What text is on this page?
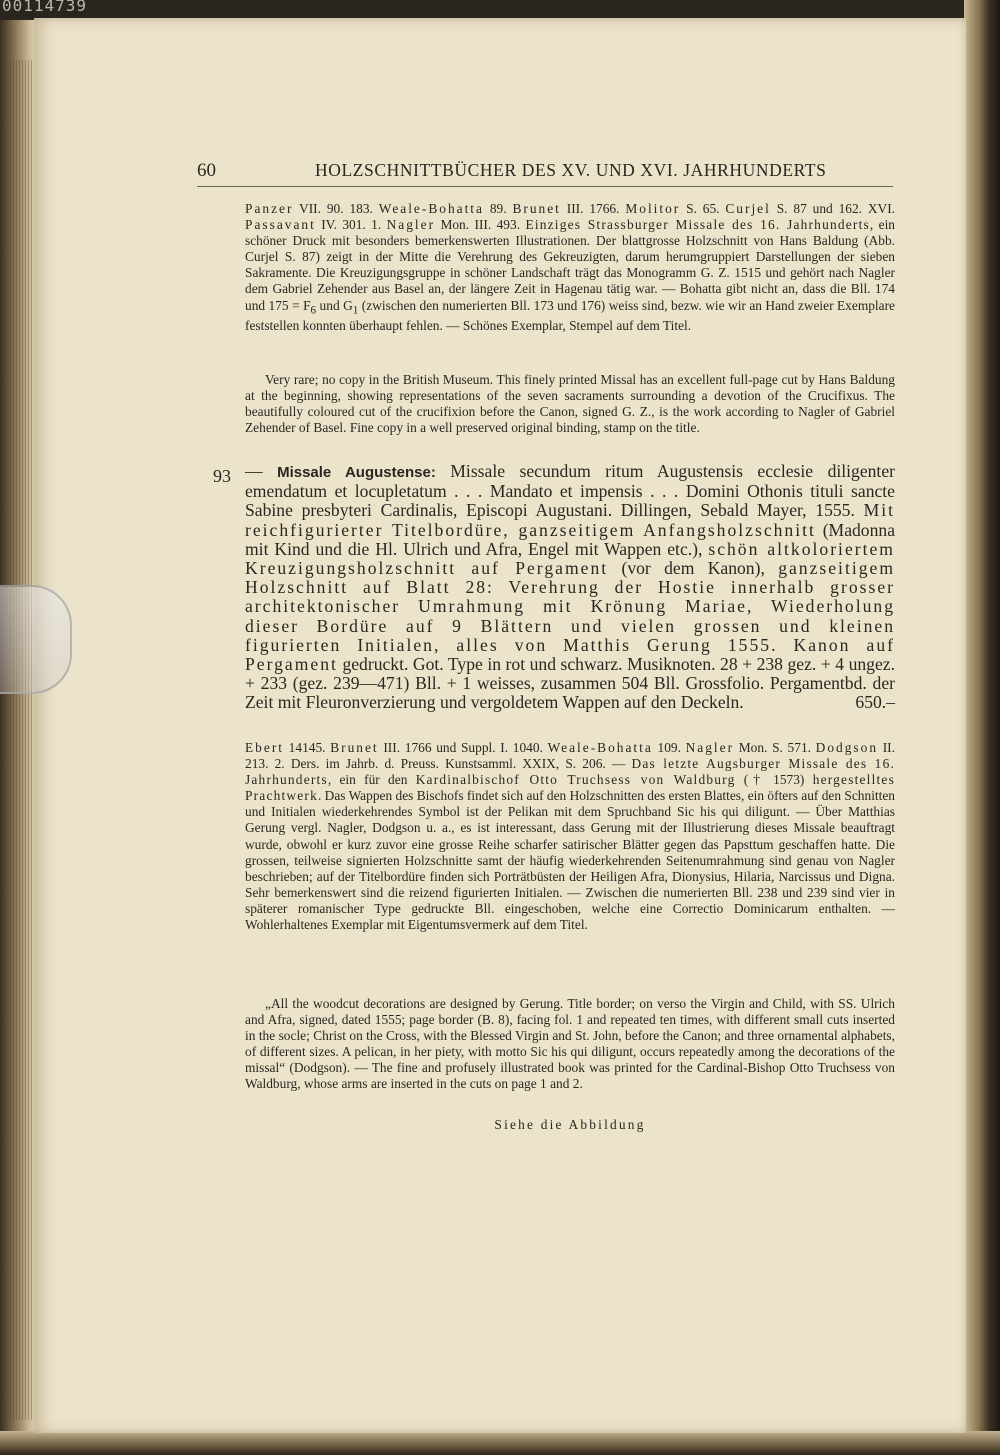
00114739
60	HOLZSCHNITTBÜCHER DES XV. UND XVI. JAHRHUNDERTS

Panzer VII. 90. 183. Weale-Bohatta 89. Brunet III. 1766. Molitor S. 65. Curjel S. 87 und 162. XVI. Passavant IV. 301. 1. Nagler Mon. III. 493. Einziges Strassburger Missale des 16. Jahrhunderts, ein schöner Druck mit besonders bemerkenswerten Illustrationen. Der blattgrosse Holzschnitt von Hans Baldung (Abb. Curjel S. 87) zeigt in der Mitte die Verehrung des Gekreuzigten, darum herumgruppiert Darstellungen der sieben Sakramente. Die Kreuzigungsgruppe in schöner Landschaft trägt das Monogramm G. Z. 1515 und gehört nach Nagler dem Gabriel Zehender aus Basel an, der längere Zeit in Hagenau tätig war. — Bohatta gibt nicht an, dass die Bll. 174 und $175 = F_6$ und $G_1$ (zwischen den numerierten Bll. 173 und 176) weiss sind, bezw. wie wir an Hand zweier Exemplare feststellen konnten überhaupt fehlen. — Schönes Exemplar, Stempel auf dem Titel.

Very rare; no copy in the British Museum. This finely printed Missal has an excellent full-page cut by Hans Baldung at the beginning, showing representations of the seven sacraments surrounding a devotion of the Crucifixus. The beautifully coloured cut of the crucifixion before the Canon, signed G. Z., is the work according to Nagler of Gabriel Zehender of Basel. Fine copy in a well preserved original binding, stamp on the title.

93 — Missale Augustense: Missale secundum ritum Augustensis ecclesie diligenter emendatum et locupletatum . . . Mandato et impensis . . . Domini Othonis tituli sancte Sabine presbyteri Cardinalis, Episcopi Augustani. Dillingen, Sebald Mayer, 1555. Mit reichfigurierter Titelbordüre, ganzseitigem Anfangsholzschnitt (Madonna mit Kind und die Hl. Ulrich und Afra, Engel mit Wappen etc.), schön altkoloriertem Kreuzigungsholzschnitt auf Pergament (vor dem Kanon), ganzseitigem Holzschnitt auf Blatt 28: Verehrung der Hostie innerhalb grosser architektonischer Umrahmung mit Krönung Mariae, Wiederholung dieser Bordüre auf 9 Blättern und vielen grossen und kleinen figurierten Initialen, alles von Matthis Gerung 1555. Kanon auf Pergament gedruckt. Got. Type in rot und schwarz. Musiknoten. 28 + 238 gez. + 4 ungez. + 233 (gez. 239—471) Bll. + 1 weisses, zusammen 504 Bll. Grossfolio. Pergamentbd. der Zeit mit Fleuronverzierung und vergoldetem Wappen auf den Deckeln.	650.–

Ebert 14145. Brunet III. 1766 und Suppl. I. 1040. Weale-Bohatta 109. Nagler Mon. S. 571. Dodgson II. 213. 2. Ders. im Jahrb. d. Preuss. Kunstsamml. XXIX, S. 206. — Das letzte Augsburger Missale des 16. Jahrhunderts, ein für den Kardinalbischof Otto Truchsess von Waldburg († 1573) hergestelltes Prachtwerk. Das Wappen des Bischofs findet sich auf den Holzschnitten des ersten Blattes, ein öfters auf den Schnitten und Initialen wiederkehrendes Symbol ist der Pelikan mit dem Spruchband Sic his qui diligunt. — Über Matthias Gerung vergl. Nagler, Dodgson u. a., es ist interessant, dass Gerung mit der Illustrierung dieses Missale beauftragt wurde, obwohl er kurz zuvor eine grosse Reihe scharfer satirischer Blätter gegen das Papsttum geschaffen hatte. Die grossen, teilweise signierten Holzschnitte samt der häufig wiederkehrenden Seitenumrahmung sind genau von Nagler beschrieben; auf der Titelbordüre finden sich Porträtbüsten der Heiligen Afra, Dionysius, Hilaria, Narcissus und Digna. Sehr bemerkenswert sind die reizend figurierten Initialen. — Zwischen die numerierten Bll. 238 und 239 sind vier in späterer romanischer Type gedruckte Bll. eingeschoben, welche eine Correctio Dominicarum enthalten. — Wohlerhaltenes Exemplar mit Eigentumsvermerk auf dem Titel.

„All the woodcut decorations are designed by Gerung. Title border; on verso the Virgin and Child, with SS. Ulrich and Afra, signed, dated 1555; page border (B. 8), facing fol. 1 and repeated ten times, with different small cuts inserted in the socle; Christ on the Cross, with the Blessed Virgin and St. John, before the Canon; and three ornamental alphabets, of different sizes. A pelican, in her piety, with motto Sic his qui diligunt, occurs repeatedly among the decorations of the missal“ (Dodgson). — The fine and profusely illustrated book was printed for the Cardinal-Bishop Otto Truchsess von Waldburg, whose arms are inserted in the cuts on page 1 and 2.

Siehe die Abbildung
